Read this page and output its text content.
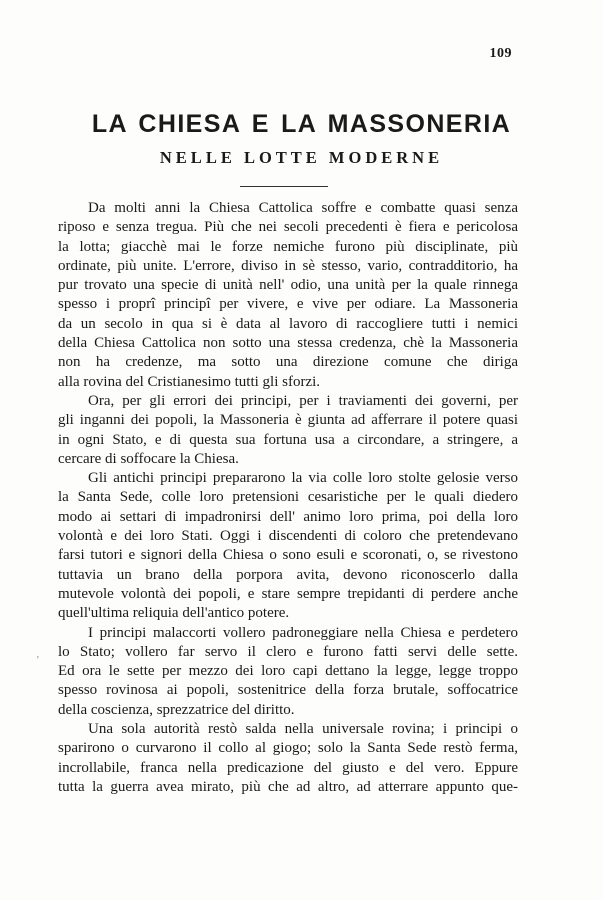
109
LA CHIESA E LA MASSONERIA
NELLE LOTTE MODERNE
'

Da molti anni la Chiesa Cattolica soffre e combatte quasi senza
riposo e senza tregua. Più che nei secoli precedenti è fiera e pericolosa
la lotta; giacchè mai le forze nemiche furono più disciplinate, più
ordinate, più unite. L'errore, diviso in sè stesso, vario, contradditorio, ha
pur trovato una specie di unità nell' odio, una unità per la quale rinnega
spesso i proprî principî per vivere, e vive per odiare. La Massoneria
da un secolo in qua si è data al lavoro di raccogliere tutti i nemici
della Chiesa Cattolica non sotto una stessa credenza, chè la Massoneria
non ha credenze, ma sotto una direzione comune che diriga
alla rovina del Cristianesimo tutti gli sforzi.

Ora, per gli errori dei principi, per i traviamenti dei governi, per
gli inganni dei popoli, la Massoneria è giunta ad afferrare il potere quasi
in ogni Stato, e di questa sua fortuna usa a circondare, a stringere, a
cercare di soffocare la Chiesa.

Gli antichi principi prepararono la via colle loro stolte gelosie verso
la Santa Sede, colle loro pretensioni cesaristiche per le quali diedero
modo ai settari di impadronirsi dell' animo loro prima, poi della loro
volontà e dei loro Stati. Oggi i discendenti di coloro che pretendevano
farsi tutori e signori della Chiesa o sono esuli e scoronati, o, se rivestono
tuttavia un brano della porpora avita, devono riconoscerlo dalla
mutevole volontà dei popoli, e stare sempre trepidanti di perdere anche
quell'ultima reliquia dell'antico potere.

I principi malaccorti vollero padroneggiare nella Chiesa e perdetero
lo Stato; vollero far servo il clero e furono fatti servi delle sette.
Ed ora le sette per mezzo dei loro capi dettano la legge, legge troppo
spesso rovinosa ai popoli, sostenitrice della forza brutale, soffocatrice
della coscienza, sprezzatrice del diritto.

Una sola autorità restò salda nella universale rovina; i principi o
sparirono o curvarono il collo al giogo; solo la Santa Sede restò ferma,
incrollabile, franca nella predicazione del giusto e del vero. Eppure
tutta la guerra avea mirato, più che ad altro, ad atterrare appunto que-
